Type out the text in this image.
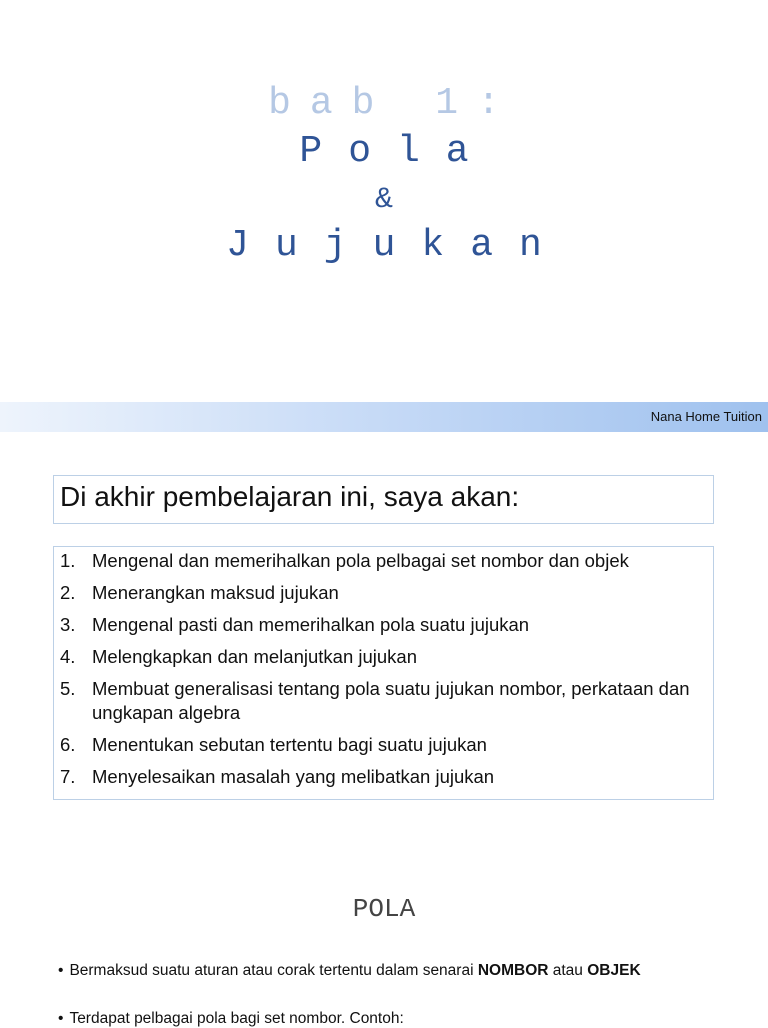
bab 1:
Pola
&
Jujukan
Nana Home Tuition
Di akhir pembelajaran ini, saya akan:
1. Mengenal dan memerihalkan pola pelbagai set nombor dan objek
2. Menerangkan maksud jujukan
3. Mengenal pasti dan memerihalkan pola suatu jujukan
4. Melengkapkan dan melanjutkan jujukan
5. Membuat generalisasi tentang pola suatu jujukan nombor, perkataan dan ungkapan algebra
6. Menentukan sebutan tertentu bagi suatu jujukan
7. Menyelesaikan masalah yang melibatkan jujukan
POLA
• Bermaksud suatu aturan atau corak tertentu dalam senarai NOMBOR atau OBJEK
• Terdapat pelbagai pola bagi set nombor. Contoh:
